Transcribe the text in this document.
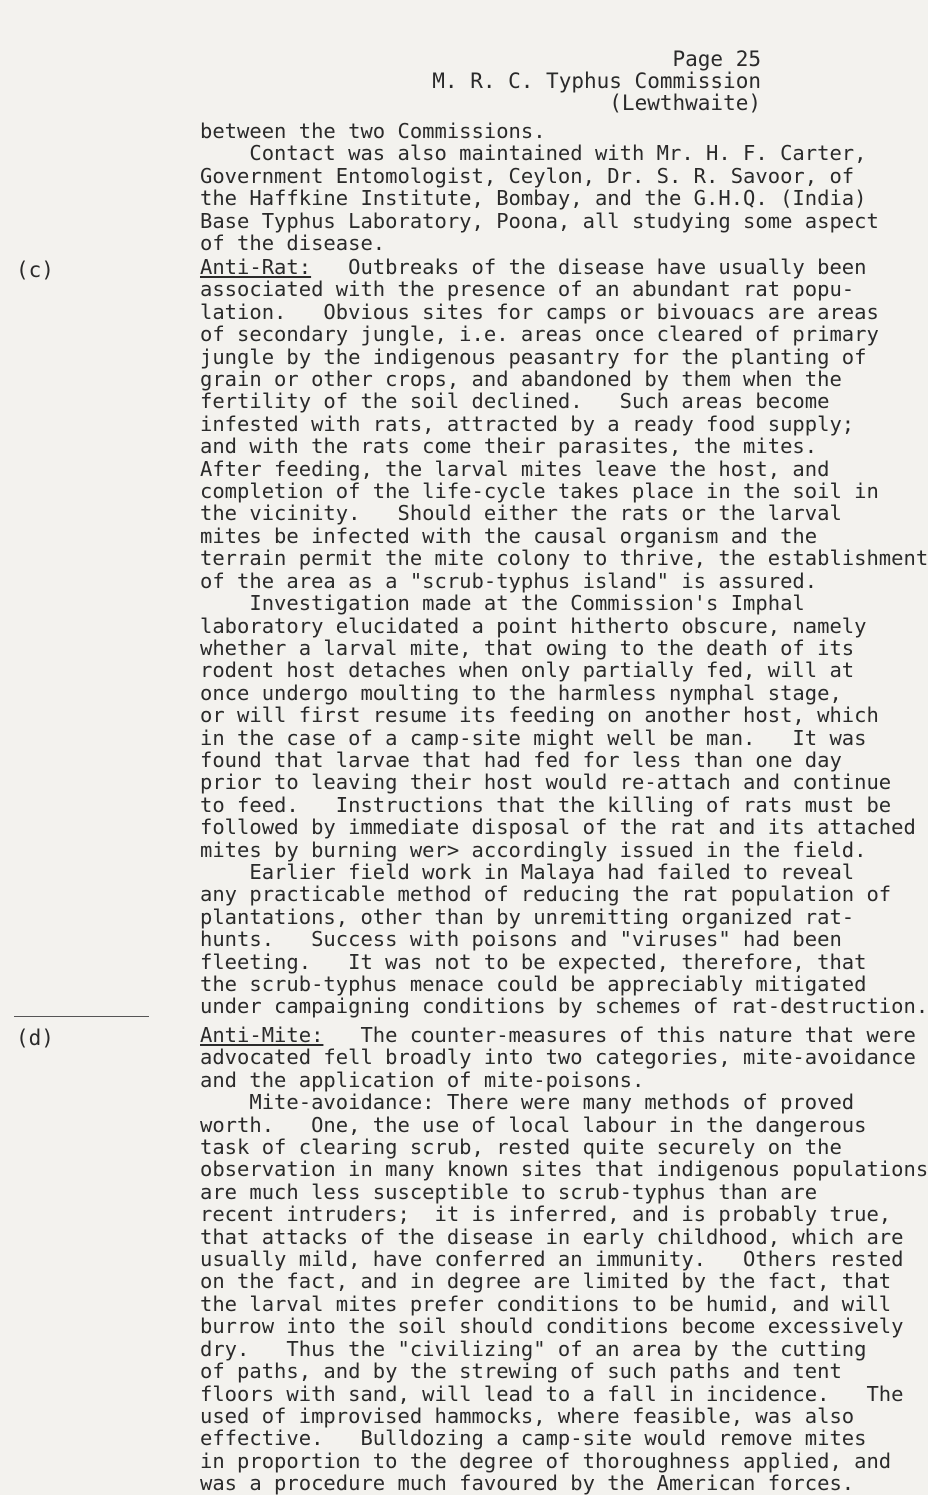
Page 25
M. R. C. Typhus Commission
(Lewthwaite)
between the two Commissions.
Contact was also maintained with Mr. H. F. Carter,
Government Entomologist, Ceylon, Dr. S. R. Savoor, of
the Haffkine Institute, Bombay, and the G.H.Q. (India)
Base Typhus Laboratory, Poona, all studying some aspect
of the disease.
(c)	Anti-Rat:   Outbreaks of the disease have usually been
associated with the presence of an abundant rat popu-
lation.   Obvious sites for camps or bivouacs are areas
of secondary jungle, i.e. areas once cleared of primary
jungle by the indigenous peasantry for the planting of
grain or other crops, and abandoned by them when the
fertility of the soil declined.   Such areas become
infested with rats, attracted by a ready food supply;
and with the rats come their parasites, the mites.
After feeding, the larval mites leave the host, and
completion of the life-cycle takes place in the soil in
the vicinity.   Should either the rats or the larval
mites be infected with the causal organism and the
terrain permit the mite colony to thrive, the establishment
of the area as a "scrub-typhus island" is assured.
Investigation made at the Commission's Imphal
laboratory elucidated a point hitherto obscure, namely
whether a larval mite, that owing to the death of its
rodent host detaches when only partially fed, will at
once undergo moulting to the harmless nymphal stage,
or will first resume its feeding on another host, which
in the case of a camp-site might well be man.   It was
found that larvae that had fed for less than one day
prior to leaving their host would re-attach and continue
to feed.   Instructions that the killing of rats must be
followed by immediate disposal of the rat and its attached
mites by burning wer> accordingly issued in the field.
Earlier field work in Malaya had failed to reveal
any practicable method of reducing the rat population of
plantations, other than by unremitting organized rat-
hunts.   Success with poisons and "viruses" had been
fleeting.   It was not to be expected, therefore, that
the scrub-typhus menace could be appreciably mitigated
under campaigning conditions by schemes of rat-destruction.
(d)	Anti-Mite:   The counter-measures of this nature that were
advocated fell broadly into two categories, mite-avoidance
and the application of mite-poisons.
Mite-avoidance: There were many methods of proved
worth.   One, the use of local labour in the dangerous
task of clearing scrub, rested quite securely on the
observation in many known sites that indigenous populations
are much less susceptible to scrub-typhus than are
recent intruders;  it is inferred, and is probably true,
that attacks of the disease in early childhood, which are
usually mild, have conferred an immunity.   Others rested
on the fact, and in degree are limited by the fact, that
the larval mites prefer conditions to be humid, and will
burrow into the soil should conditions become excessively
dry.   Thus the "civilizing" of an area by the cutting
of paths, and by the strewing of such paths and tent
floors with sand, will lead to a fall in incidence.   The
used of improvised hammocks, where feasible, was also
effective.   Bulldozing a camp-site would remove mites
in proportion to the degree of thoroughness applied, and
was a procedure much favoured by the American forces.
